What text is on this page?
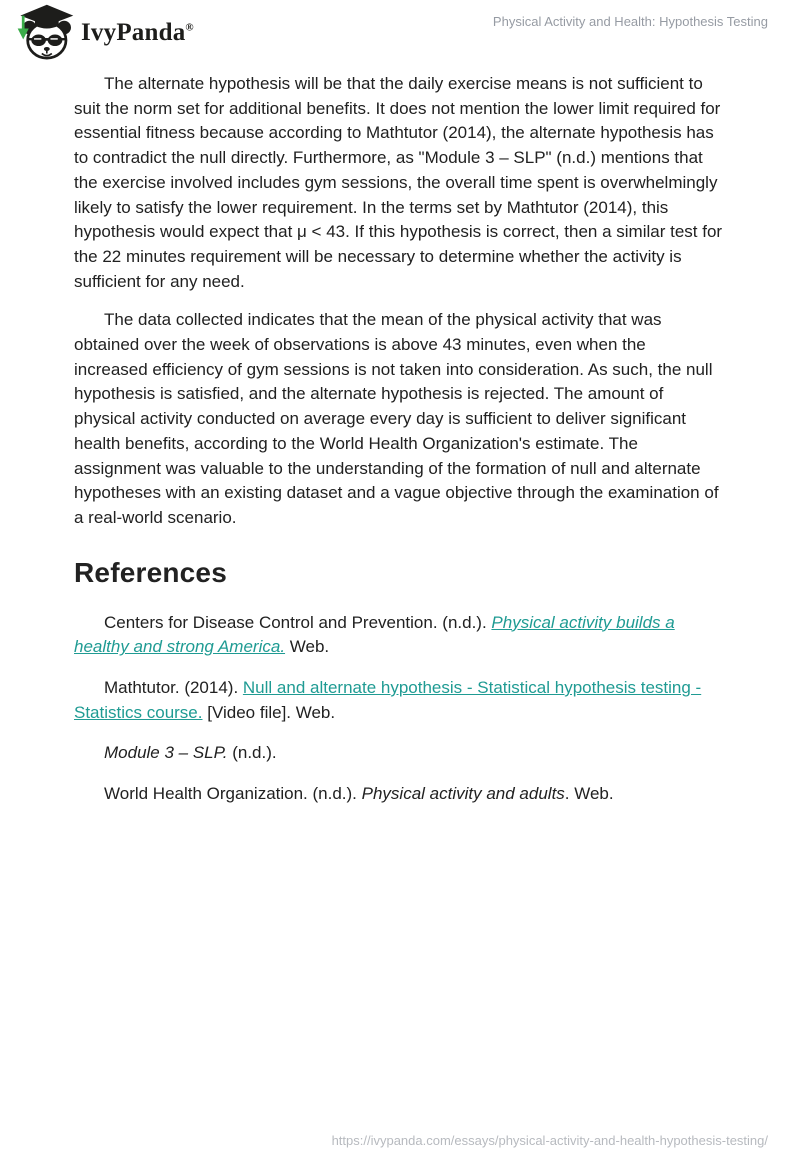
IvyPanda®	Physical Activity and Health: Hypothesis Testing

The alternate hypothesis will be that the daily exercise means is not sufficient to suit the norm set for additional benefits. It does not mention the lower limit required for essential fitness because according to Mathtutor (2014), the alternate hypothesis has to contradict the null directly. Furthermore, as "Module 3 – SLP" (n.d.) mentions that the exercise involved includes gym sessions, the overall time spent is overwhelmingly likely to satisfy the lower requirement. In the terms set by Mathtutor (2014), this hypothesis would expect that μ < 43. If this hypothesis is correct, then a similar test for the 22 minutes requirement will be necessary to determine whether the activity is sufficient for any need.

The data collected indicates that the mean of the physical activity that was obtained over the week of observations is above 43 minutes, even when the increased efficiency of gym sessions is not taken into consideration. As such, the null hypothesis is satisfied, and the alternate hypothesis is rejected. The amount of physical activity conducted on average every day is sufficient to deliver significant health benefits, according to the World Health Organization's estimate. The assignment was valuable to the understanding of the formation of null and alternate hypotheses with an existing dataset and a vague objective through the examination of a real-world scenario.

References

Centers for Disease Control and Prevention. (n.d.). Physical activity builds a healthy and strong America. Web.

Mathtutor. (2014). Null and alternate hypothesis - Statistical hypothesis testing - Statistics course. [Video file]. Web.

Module 3 – SLP. (n.d.).

World Health Organization. (n.d.). Physical activity and adults. Web.

https://ivypanda.com/essays/physical-activity-and-health-hypothesis-testing/
